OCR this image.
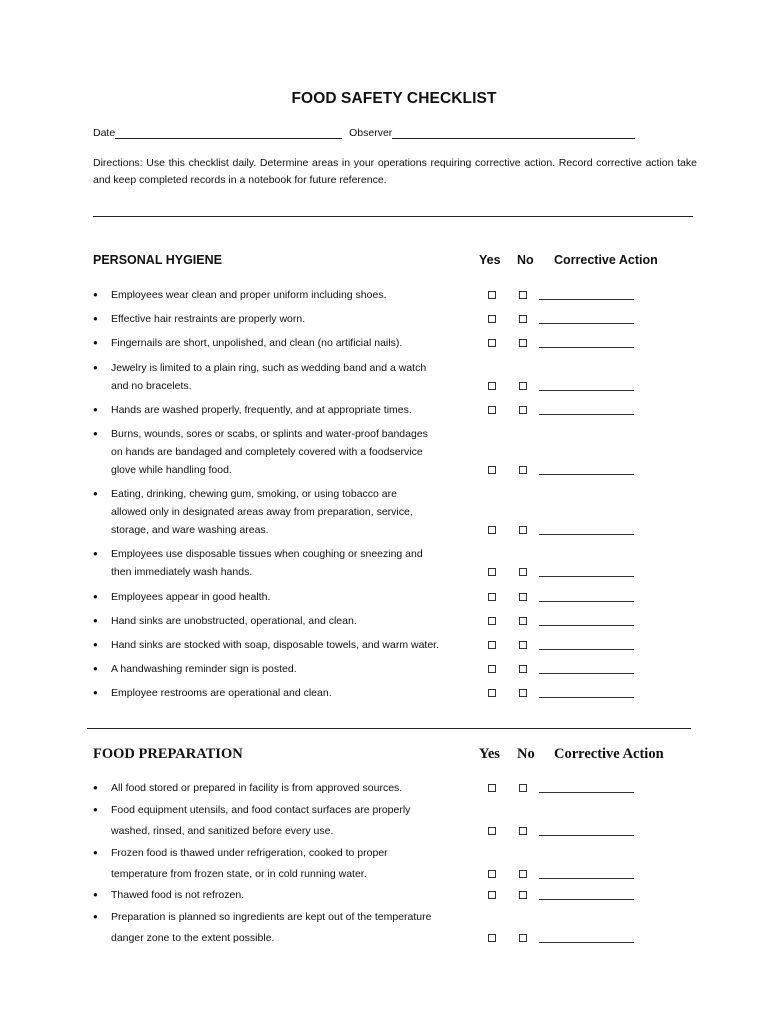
FOOD SAFETY CHECKLIST
Date	Observer
Directions: Use this checklist daily. Determine areas in your operations requiring corrective action. Record corrective action take and keep completed records in a notebook for future reference.
PERSONAL HYGIENE	Yes No Corrective Action
● Employees wear clean and proper uniform including shoes.
● Effective hair restraints are properly worn.
● Fingernails are short, unpolished, and clean (no artificial nails).
● Jewelry is limited to a plain ring, such as wedding band and a watch
and no bracelets.
● Hands are washed properly, frequently, and at appropriate times.
● Burns, wounds, sores or scabs, or splints and water-proof bandages
on hands are bandaged and completely covered with a foodservice
glove while handling food.
● Eating, drinking, chewing gum, smoking, or using tobacco are
allowed only in designated areas away from preparation, service,
storage, and ware washing areas.
● Employees use disposable tissues when coughing or sneezing and
then immediately wash hands.
● Employees appear in good health.
● Hand sinks are unobstructed, operational, and clean.
● Hand sinks are stocked with soap, disposable towels, and warm water.
● A handwashing reminder sign is posted.
● Employee restrooms are operational and clean.
FOOD PREPARATION	Yes No Corrective Action
● All food stored or prepared in facility is from approved sources.
● Food equipment utensils, and food contact surfaces are properly
washed, rinsed, and sanitized before every use.
● Frozen food is thawed under refrigeration, cooked to proper
temperature from frozen state, or in cold running water.
● Thawed food is not refrozen.
● Preparation is planned so ingredients are kept out of the temperature
danger zone to the extent possible.
